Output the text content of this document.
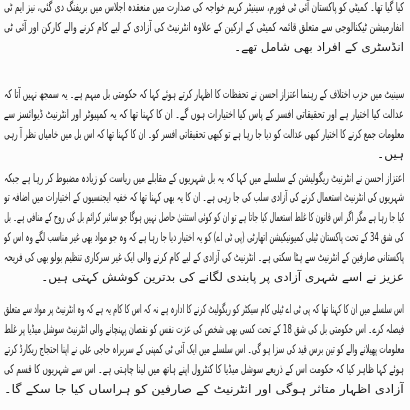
کیا گیا تھا۔ کمیٹی کو پاکستان آئی ٹی فورم، سینیٹر کریم خواجہ کی صدارت میں منعقدہ اجلاس میں بریفنگ دی گئی، نیز ایم ٹی
انفارمیشن ٹیکنالوجی سے متعلق قائمہ کمیٹی کے ارکین کے علاوہ انٹرنیٹ کی آزادی کے لیے کام کرنے والے کارکن اور آئی ٹی
انڈسٹری کے افراد بھی شامل تھے۔
سینیٹ میں حزب اختلاف کے رہنما اعتزاز احسن نے تحفظات کا اظہار کرتے ہوئے کہا کہ حکومتی بل مبہم ہے۔ یہ سمجھ نہیں آتا کہ
عدالت کیا اختیار ہے اور تحقیقاتی افسر کے پاس کیا اختیارات ہوں گے۔ ان کا کہنا تھا کہ یہ کمپیوٹر اور انٹرنیٹ ڈیوائسز سے
معلومات جمع کرنے کا اختیار کبھی عدالت کو دیا جا رہا ہے تو کبھی تحقیقاتی افسر کو۔ ان کا کہنا تھا کہ اس بل میں خامیاں نظر آ رہی
ہیں۔
اعتزاز احسن نے انٹرنیٹ ریگولیشن کے سلسلے میں کہا کہ یہ بل شہریوں کے مقابلے میں ریاست کو زیادہ مضبوط کر رہا ہے جبکہ
شہریوں کی انٹرنیٹ استعمال کرنے کی آزادی سلب کی جا رہی ہے۔ ان کا یہ بھی کہنا تھا کہ خفیہ ایجنسیوں کے اختیارات میں اضافہ تو
کیا جا رہا ہے مگر اگر اس قانون کا غلط استعمال کیا جاتا ہے تو ان کو کوئی استثنیٰ حاصل نہیں ہوگا جو سائبر کرائم بل کی روح کے منافی ہے۔ بل
کی شق 34 کے تحت پاکستان ٹیلی کمیونیکیشن اتھارٹی (پی ٹی اے) کو یہ اختیار دیا جا رہا ہے کہ وہ جو مواد بھی غیر مناسب لگے وہ اس کو
پاکستانی صارفین کے انٹرنیٹ سے ہٹا سکتی ہے۔ انٹرنیٹ کی آزادی کے لیے کام کرنے والی ایک غیر سرکاری تنظیم بولو بھی کی فریحہ
عزیز نے اسے شہری آزادی پر پابندی لگانے کی بدترین کوشش کہتی ہیں۔
اس سلسلے میں ان کا کہنا تھا کہ پی ٹی اے ٹیلی کام سیکٹر کو ریگولیٹ کرنے کا ادارہ ہے نہ کہ اس کا کام یہ ہے کہ وہ انٹرنیٹ پر مواد سے متعلق
فیصلہ کرے۔ اس حکومتی بل کی شق 18 کے تحت کسی بھی شخص کی عزت نفس کو نقصان پہنچانے والی انٹرنیٹ سوشل میڈیا پر غلط
معلومات پھیلانے والے کو تین برس قید کی سزا ہو گی۔ اس سلسلے میں ایک آئی ٹی کمپنی کے سربراہ حاجی علی نے اپنا احتجاج ریکارڈ کرتے
ہوئے کہا ظاہر کیا کہ حکومت اس کے ذریعے سوشل میڈیا کا کنٹرول اپنے ہاتھ میں لینا چاہتی ہے۔ اس سے شہریوں کا قسم کی
آزادی اظہار متاثر ہوگی اور انٹرنیٹ کے صارفین کو ہراساں کیا جا سکے گا۔
